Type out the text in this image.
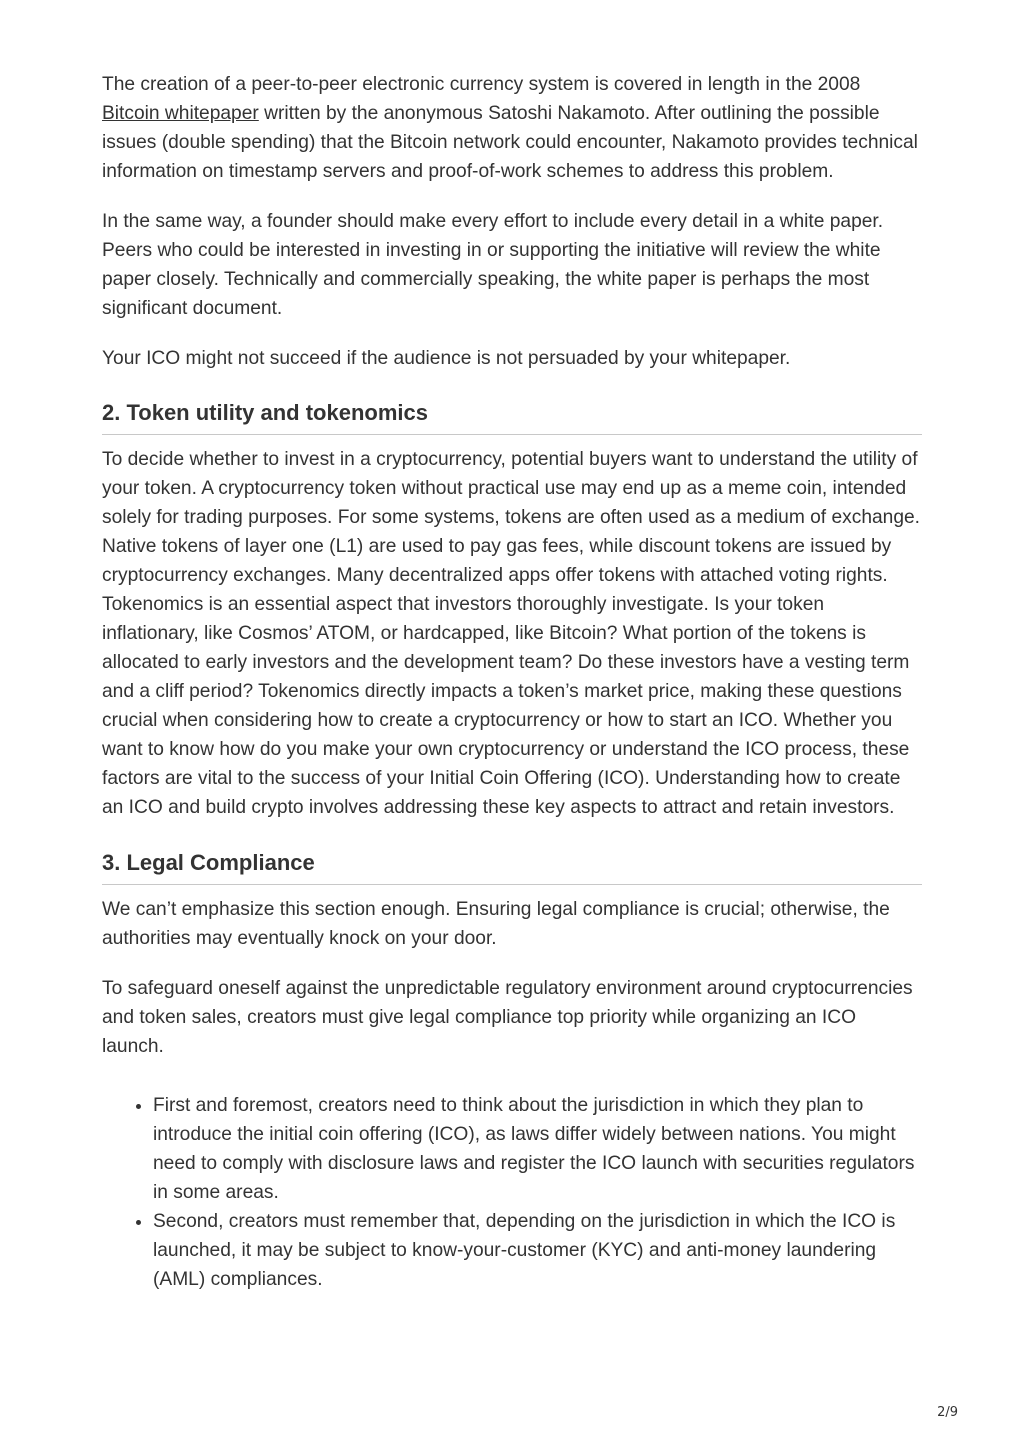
The creation of a peer-to-peer electronic currency system is covered in length in the 2008 Bitcoin whitepaper written by the anonymous Satoshi Nakamoto. After outlining the possible issues (double spending) that the Bitcoin network could encounter, Nakamoto provides technical information on timestamp servers and proof-of-work schemes to address this problem.

In the same way, a founder should make every effort to include every detail in a white paper. Peers who could be interested in investing in or supporting the initiative will review the white paper closely. Technically and commercially speaking, the white paper is perhaps the most significant document.

Your ICO might not succeed if the audience is not persuaded by your whitepaper.

2. Token utility and tokenomics

To decide whether to invest in a cryptocurrency, potential buyers want to understand the utility of your token. A cryptocurrency token without practical use may end up as a meme coin, intended solely for trading purposes. For some systems, tokens are often used as a medium of exchange. Native tokens of layer one (L1) are used to pay gas fees, while discount tokens are issued by cryptocurrency exchanges. Many decentralized apps offer tokens with attached voting rights. Tokenomics is an essential aspect that investors thoroughly investigate. Is your token inflationary, like Cosmos’ ATOM, or hardcapped, like Bitcoin? What portion of the tokens is allocated to early investors and the development team? Do these investors have a vesting term and a cliff period? Tokenomics directly impacts a token’s market price, making these questions crucial when considering how to create a cryptocurrency or how to start an ICO. Whether you want to know how do you make your own cryptocurrency or understand the ICO process, these factors are vital to the success of your Initial Coin Offering (ICO). Understanding how to create an ICO and build crypto involves addressing these key aspects to attract and retain investors.

3. Legal Compliance

We can’t emphasize this section enough. Ensuring legal compliance is crucial; otherwise, the authorities may eventually knock on your door.

To safeguard oneself against the unpredictable regulatory environment around cryptocurrencies and token sales, creators must give legal compliance top priority while organizing an ICO launch.

• First and foremost, creators need to think about the jurisdiction in which they plan to introduce the initial coin offering (ICO), as laws differ widely between nations. You might need to comply with disclosure laws and register the ICO launch with securities regulators in some areas.
• Second, creators must remember that, depending on the jurisdiction in which the ICO is launched, it may be subject to know-your-customer (KYC) and anti-money laundering (AML) compliances.
2/9
